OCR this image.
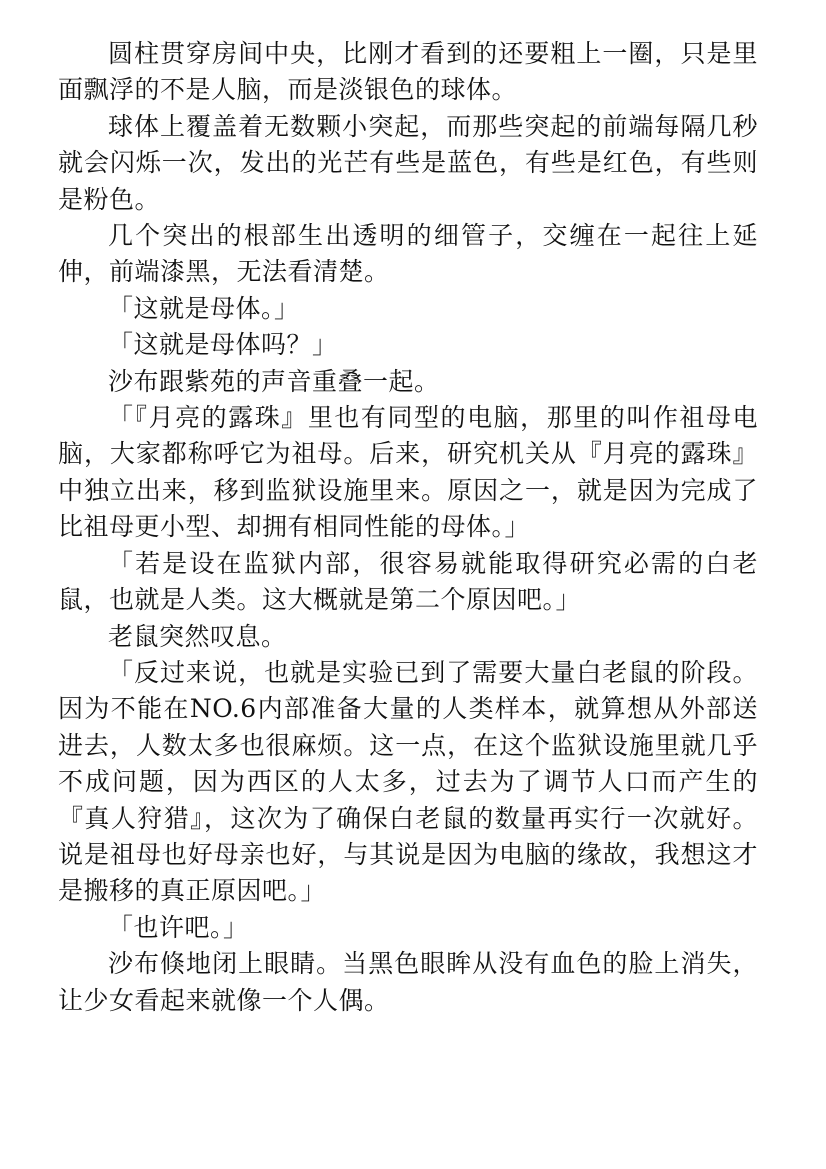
圆柱贯穿房间中央，比刚才看到的还要粗上一圈，只是里面飘浮的不是人脑，而是淡银色的球体。

球体上覆盖着无数颗小突起，而那些突起的前端每隔几秒就会闪烁一次，发出的光芒有些是蓝色，有些是红色，有些则是粉色。

几个突出的根部生出透明的细管子，交缠在一起往上延伸，前端漆黑，无法看清楚。

「这就是母体。」

「这就是母体吗？」

沙布跟紫苑的声音重叠一起。

「『月亮的露珠』里也有同型的电脑，那里的叫作祖母电脑，大家都称呼它为祖母。后来，研究机关从『月亮的露珠』中独立出来，移到监狱设施里来。原因之一，就是因为完成了比祖母更小型、却拥有相同性能的母体。」

「若是设在监狱内部，很容易就能取得研究必需的白老鼠，也就是人类。这大概就是第二个原因吧。」

老鼠突然叹息。

「反过来说，也就是实验已到了需要大量白老鼠的阶段。因为不能在NO.6内部准备大量的人类样本，就算想从外部送进去，人数太多也很麻烦。这一点，在这个监狱设施里就几乎不成问题，因为西区的人太多，过去为了调节人口而产生的『真人狩猎』，这次为了确保白老鼠的数量再实行一次就好。说是祖母也好母亲也好，与其说是因为电脑的缘故，我想这才是搬移的真正原因吧。」

「也许吧。」

沙布倏地闭上眼睛。当黑色眼眸从没有血色的脸上消失，让少女看起来就像一个人偶。
